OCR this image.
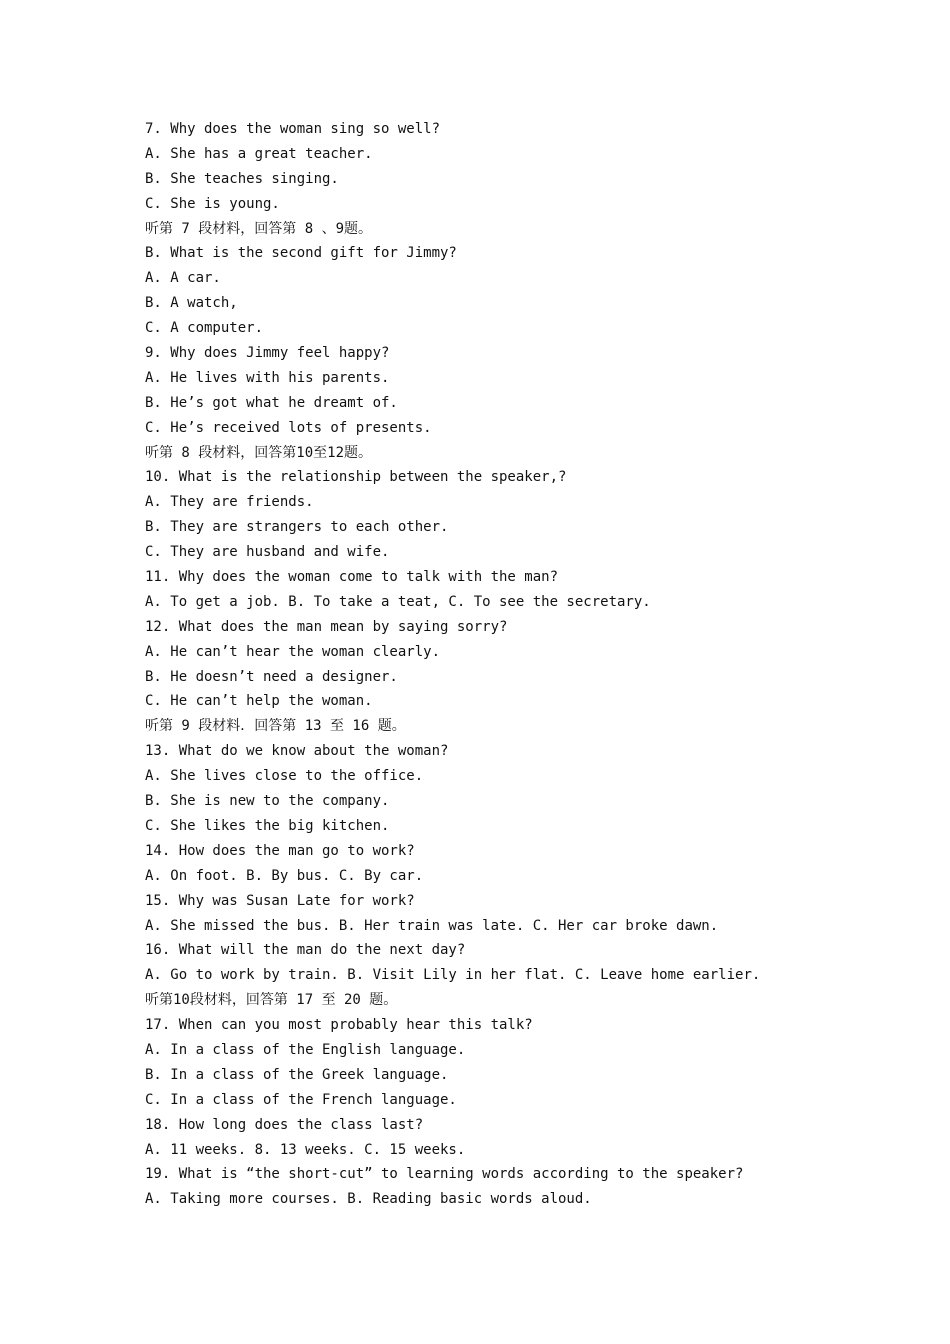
7. Why does the woman sing so well?
A. She has a great teacher.
B. She teaches singing.
C. She is young.
听第 7 段材料，回答第 8 、9题。
B. What is the second gift for Jimmy?
A. A car.
B. A watch,
C. A computer.
9. Why does Jimmy feel happy?
A. He lives with his parents.
B. He’s got what he dreamt of.
C. He’s received lots of presents.
听第 8 段材料，回答第10至12题。
10. What is the relationship between the speaker,?
A. They are friends.
B. They are strangers to each other.
C. They are husband and wife.
11. Why does the woman come to talk with the man?
A. To get a job. B. To take a teat, C. To see the secretary.
12. What does the man mean by saying sorry?
A. He can’t hear the woman clearly.
B. He doesn’t need a designer.
C. He can’t help the woman.
听第 9 段材料．回答第 13 至 16 题。
13. What do we know about the woman?
A. She lives close to the office.
B. She is new to the company.
C. She likes the big kitchen.
14. How does the man go to work?
A. On foot. B. By bus. C. By car.
15. Why was Susan Late for work?
A. She missed the bus. B. Her train was late. C. Her car broke dawn.
16. What will the man do the next day?
A. Go to work by train. B. Visit Lily in her flat. C. Leave home earlier.
听第10段材料，回答第 17 至 20 题。
17. When can you most probably hear this talk?
A. In a class of the English language.
B. In a class of the Greek language.
C. In a class of the French language.
18. How long does the class last?
A. 11 weeks. 8. 13 weeks. C. 15 weeks.
19. What is “the short-cut” to learning words according to the speaker?
A. Taking more courses. B. Reading basic words aloud.
